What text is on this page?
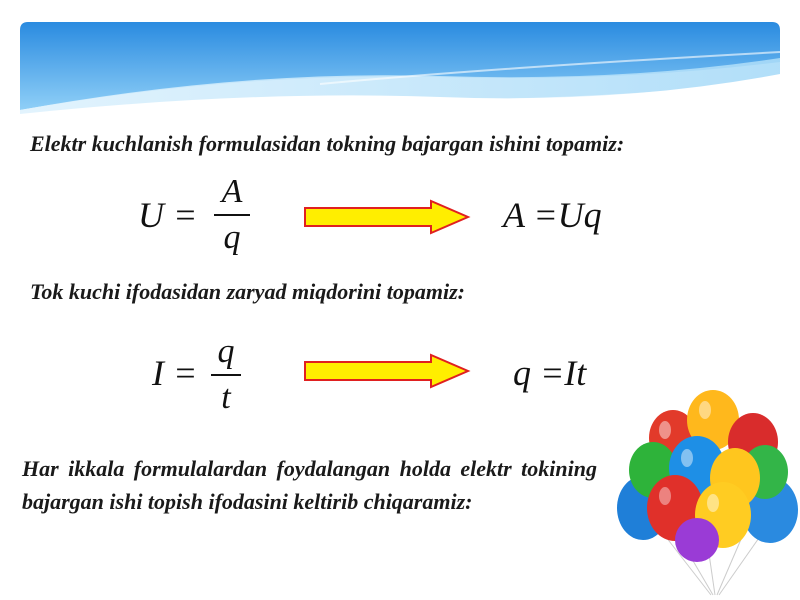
Elektr kuchlanish formulasidan tokning bajargan ishini topamiz:
U =
A
q
A =Uq
Tok kuchi ifodasidan zaryad miqdorini topamiz:
I =
q
t
q =It
Har ikkala formulalardan foydalangan holda elektr tokining bajargan ishi topish ifodasini keltirib chiqaramiz:
